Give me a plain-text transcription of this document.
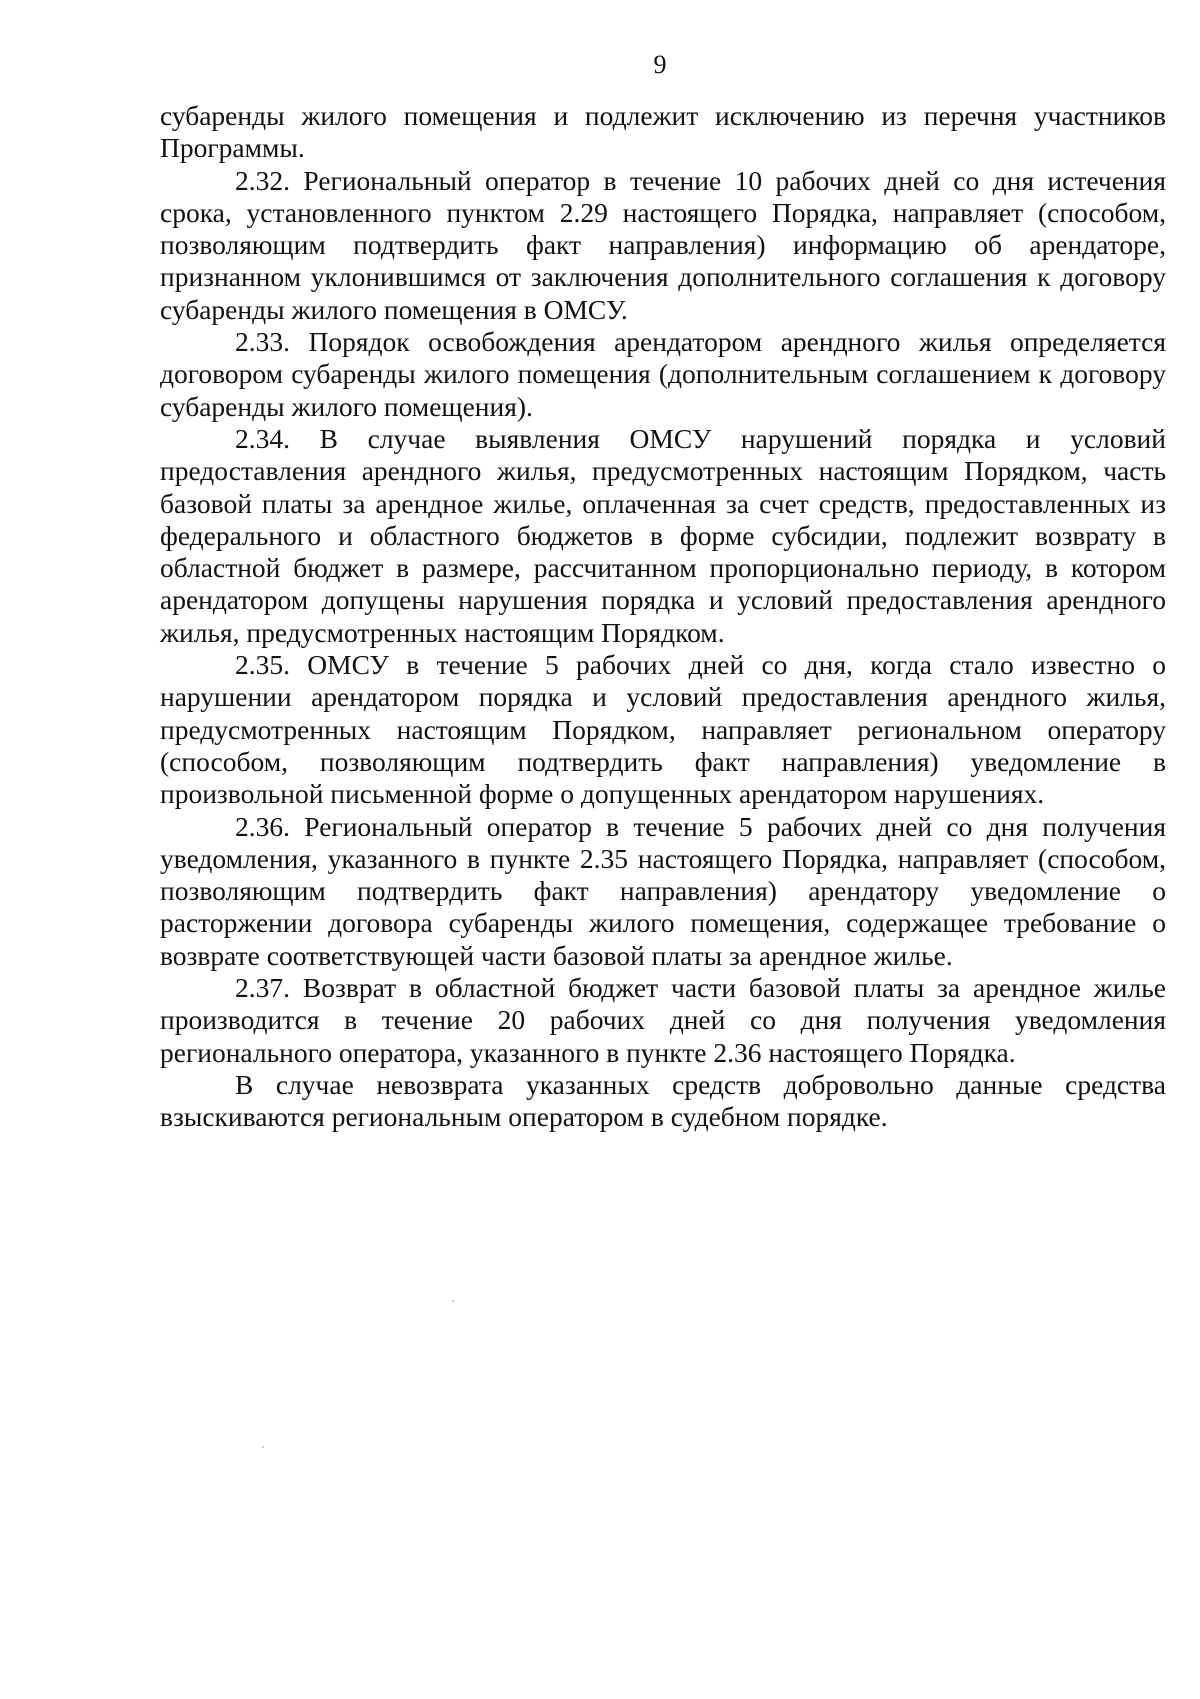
9

субаренды жилого помещения и подлежит исключению из перечня участников Программы.

2.32. Региональный оператор в течение 10 рабочих дней со дня истечения срока, установленного пунктом 2.29 настоящего Порядка, направляет (способом, позволяющим подтвердить факт направления) информацию об арендаторе, признанном уклонившимся от заключения дополнительного соглашения к договору субаренды жилого помещения в ОМСУ.

2.33. Порядок освобождения арендатором арендного жилья определяется договором субаренды жилого помещения (дополнительным соглашением к договору субаренды жилого помещения).

2.34. В случае выявления ОМСУ нарушений порядка и условий предоставления арендного жилья, предусмотренных настоящим Порядком, часть базовой платы за арендное жилье, оплаченная за счет средств, предоставленных из федерального и областного бюджетов в форме субсидии, подлежит возврату в областной бюджет в размере, рассчитанном пропорционально периоду, в котором арендатором допущены нарушения порядка и условий предоставления арендного жилья, предусмотренных настоящим Порядком.

2.35. ОМСУ в течение 5 рабочих дней со дня, когда стало известно о нарушении арендатором порядка и условий предоставления арендного жилья, предусмотренных настоящим Порядком, направляет региональном оператору (способом, позволяющим подтвердить факт направления) уведомление в произвольной письменной форме о допущенных арендатором нарушениях.

2.36. Региональный оператор в течение 5 рабочих дней со дня получения уведомления, указанного в пункте 2.35 настоящего Порядка, направляет (способом, позволяющим подтвердить факт направления) арендатору уведомление о расторжении договора субаренды жилого помещения, содержащее требование о возврате соответствующей части базовой платы за арендное жилье.

2.37. Возврат в областной бюджет части базовой платы за арендное жилье производится в течение 20 рабочих дней со дня получения уведомления регионального оператора, указанного в пункте 2.36 настоящего Порядка.

В случае невозврата указанных средств добровольно данные средства взыскиваются региональным оператором в судебном порядке.
